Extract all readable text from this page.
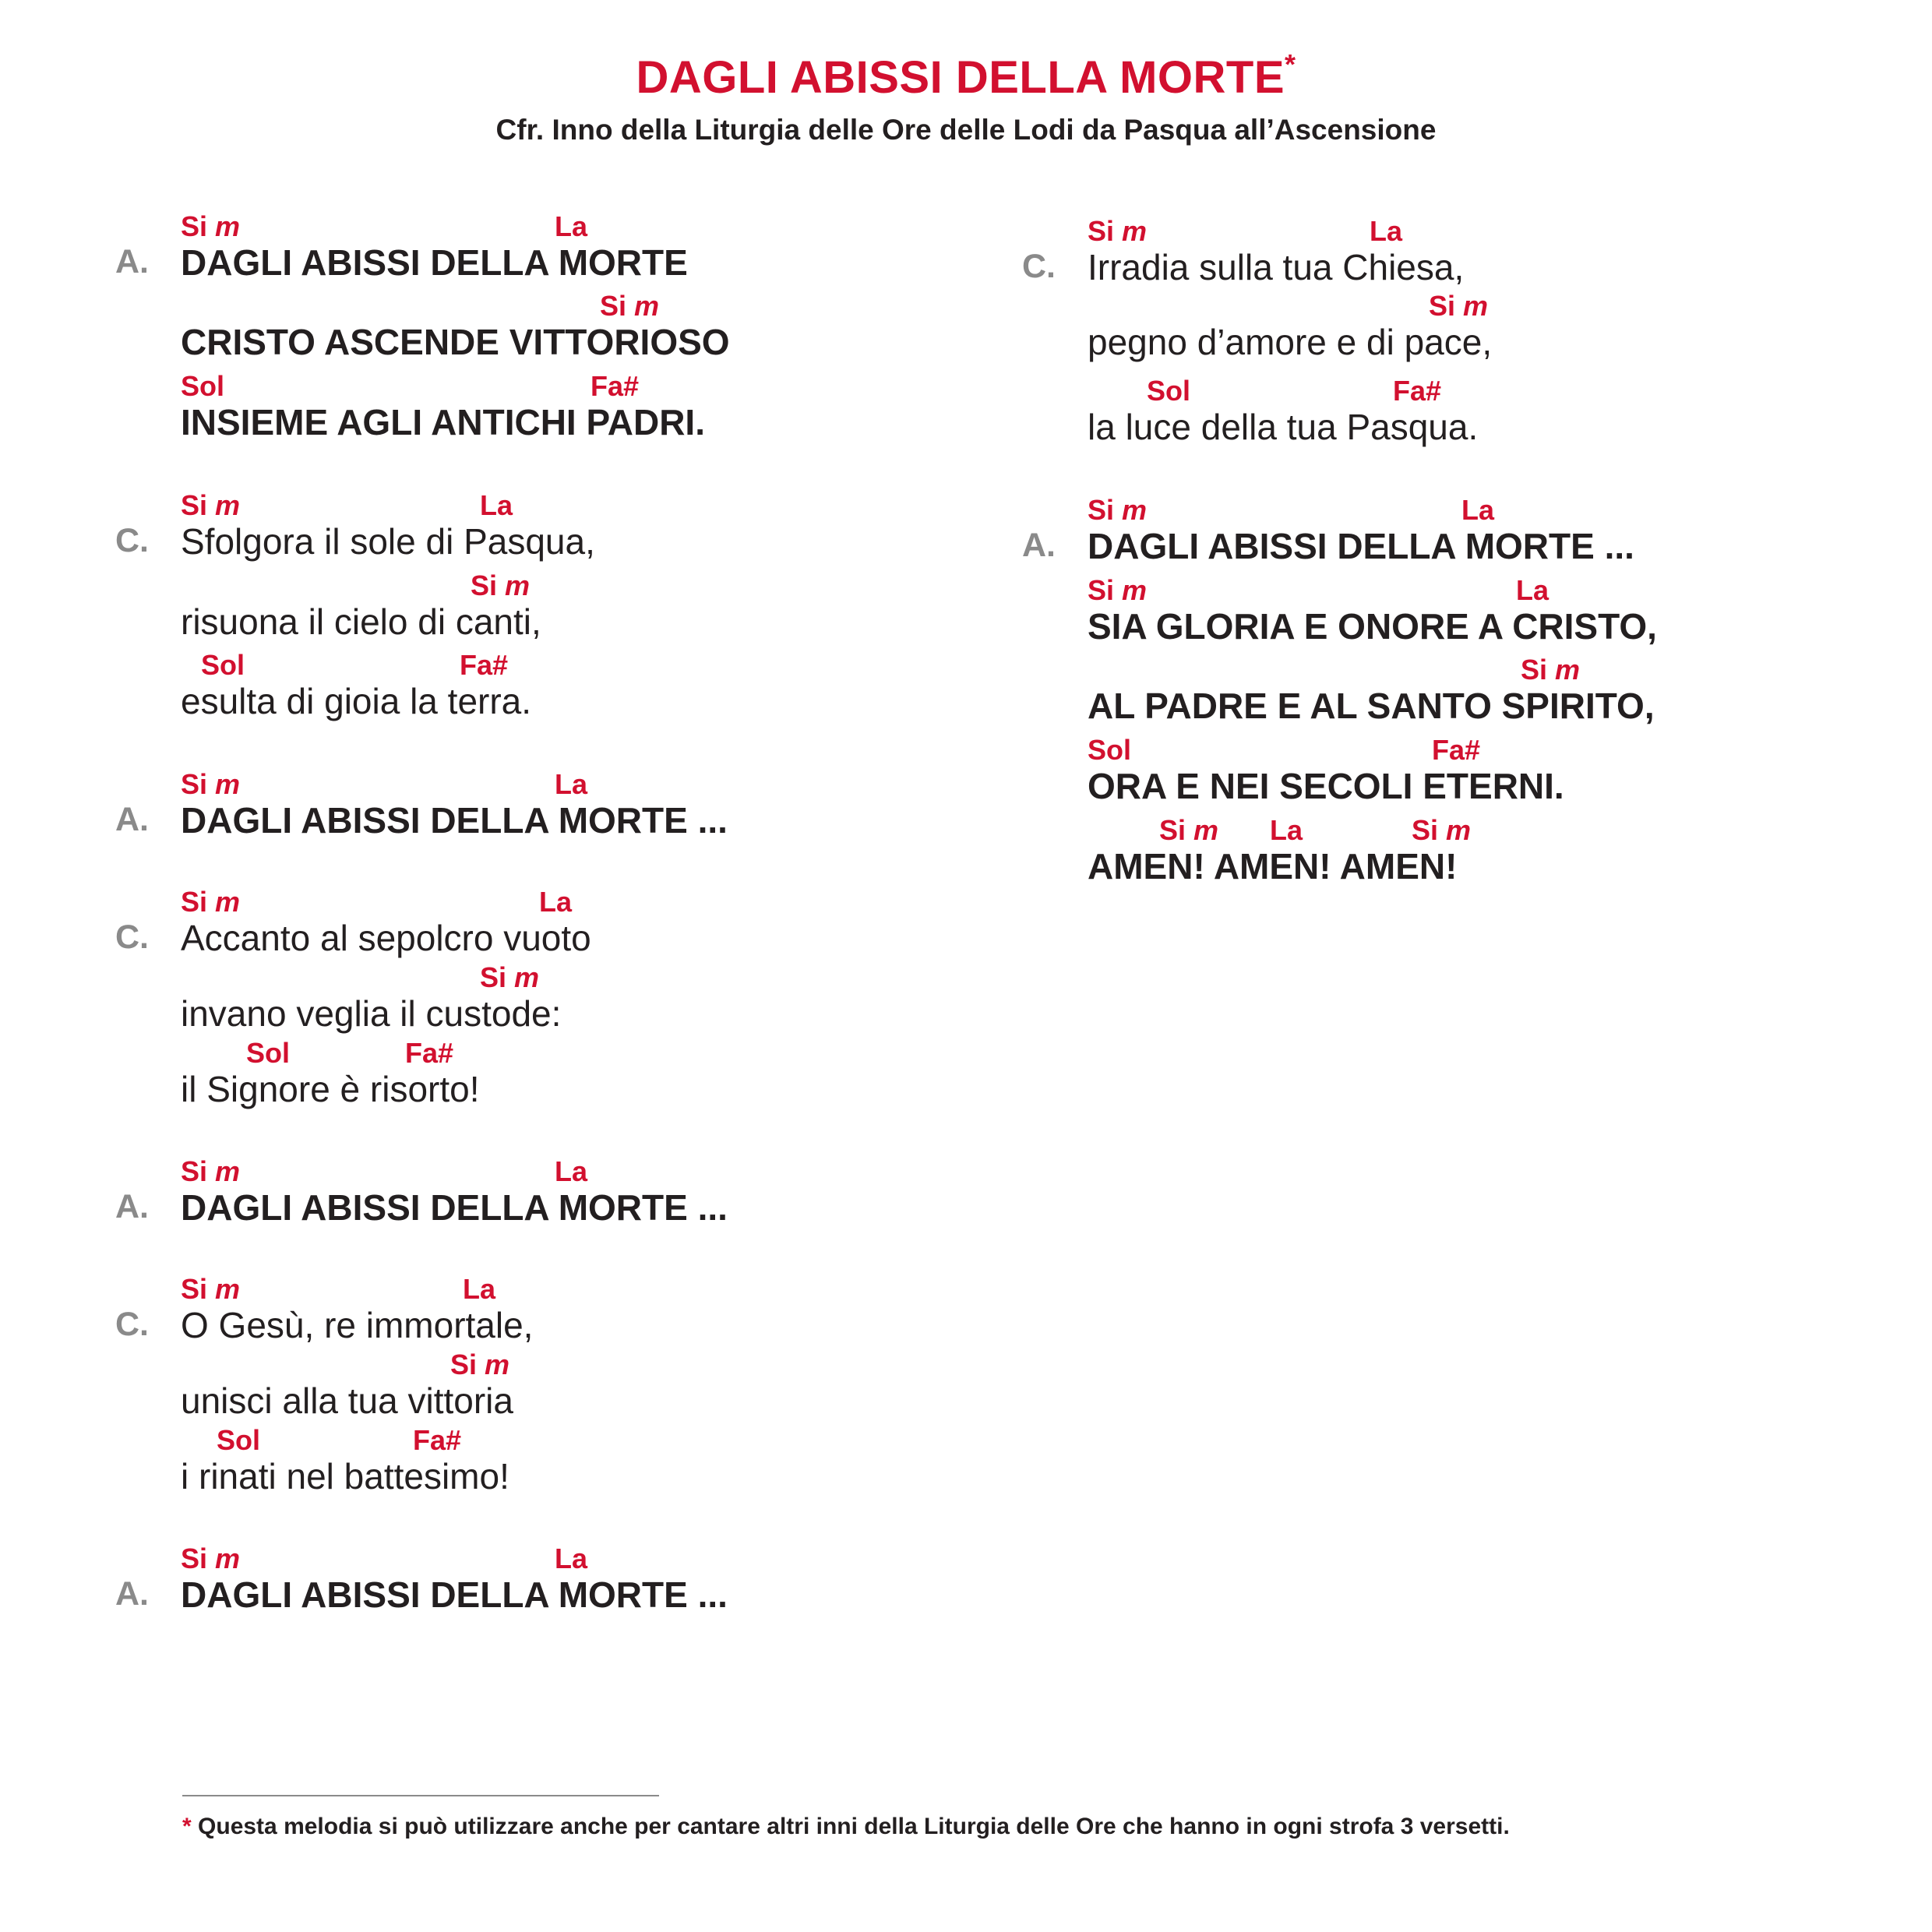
DAGLI ABISSI DELLA MORTE*
Cfr. Inno della Liturgia delle Ore delle Lodi da Pasqua all’Ascensione
Si m	La
A. DAGLI ABISSI DELLA MORTE
Si m
CRISTO ASCENDE VITTORIOSO
Sol	Fa#
INSIEME AGLI ANTICHI PADRI.
Si m	La
C. Sfolgora il sole di Pasqua,
Si m
risuona il cielo di canti,
Sol	Fa#
esulta di gioia la terra.
Si m	La
A. DAGLI ABISSI DELLA MORTE ...
Si m	La
C. Accanto al sepolcro vuoto
Si m
invano veglia il custode:
Sol	Fa#
il Signore è risorto!
Si m	La
A. DAGLI ABISSI DELLA MORTE ...
Si m	La
C. O Gesù, re immortale,
Si m
unisci alla tua vittoria
Sol	Fa#
i rinati nel battesimo!
Si m	La
A. DAGLI ABISSI DELLA MORTE ...
Si m	La
C. Irradia sulla tua Chiesa,
Si m
pegno d’amore e di pace,
Sol	Fa#
la luce della tua Pasqua.
Si m	La
A. DAGLI ABISSI DELLA MORTE ...
Si m	La
SIA GLORIA E ONORE A CRISTO,
Si m
AL PADRE E AL SANTO SPIRITO,
Sol	Fa#
ORA E NEI SECOLI ETERNI.
Si m La	Si m
AMEN! AMEN! AMEN!
* Questa melodia si può utilizzare anche per cantare altri inni della Liturgia delle Ore che hanno in ogni strofa 3 versetti.
